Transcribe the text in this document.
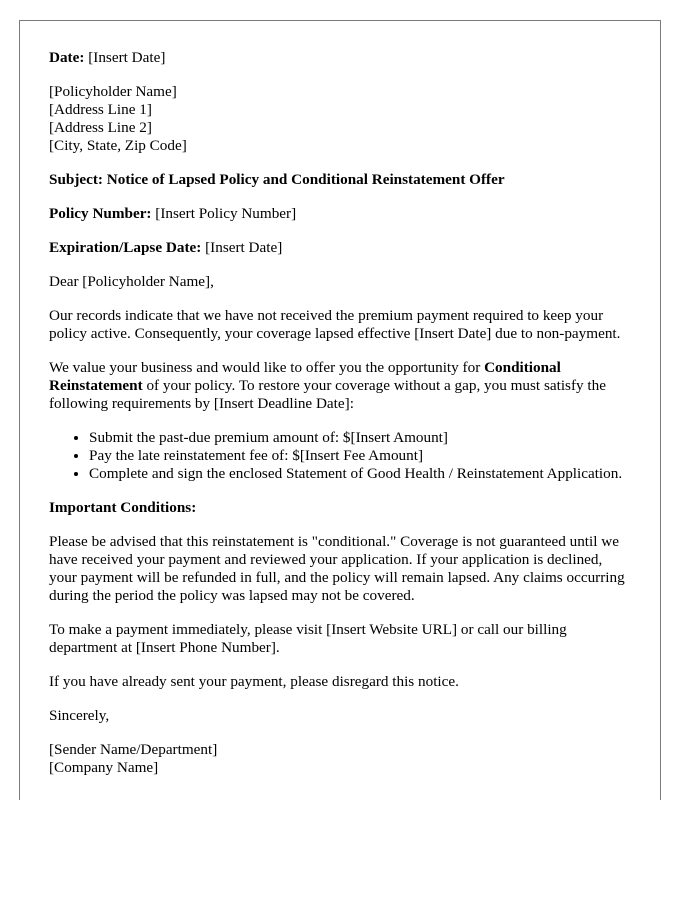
Date: [Insert Date]
[Policyholder Name]
[Address Line 1]
[Address Line 2]
[City, State, Zip Code]
Subject: Notice of Lapsed Policy and Conditional Reinstatement Offer
Policy Number: [Insert Policy Number]
Expiration/Lapse Date: [Insert Date]
Dear [Policyholder Name],
Our records indicate that we have not received the premium payment required to keep your policy active. Consequently, your coverage lapsed effective [Insert Date] due to non-payment.
We value your business and would like to offer you the opportunity for Conditional Reinstatement of your policy. To restore your coverage without a gap, you must satisfy the following requirements by [Insert Deadline Date]:
• Submit the past-due premium amount of: $[Insert Amount]
• Pay the late reinstatement fee of: $[Insert Fee Amount]
• Complete and sign the enclosed Statement of Good Health / Reinstatement Application.
Important Conditions:
Please be advised that this reinstatement is "conditional." Coverage is not guaranteed until we have received your payment and reviewed your application. If your application is declined, your payment will be refunded in full, and the policy will remain lapsed. Any claims occurring during the period the policy was lapsed may not be covered.
To make a payment immediately, please visit [Insert Website URL] or call our billing department at [Insert Phone Number].
If you have already sent your payment, please disregard this notice.
Sincerely,
[Sender Name/Department]
[Company Name]
